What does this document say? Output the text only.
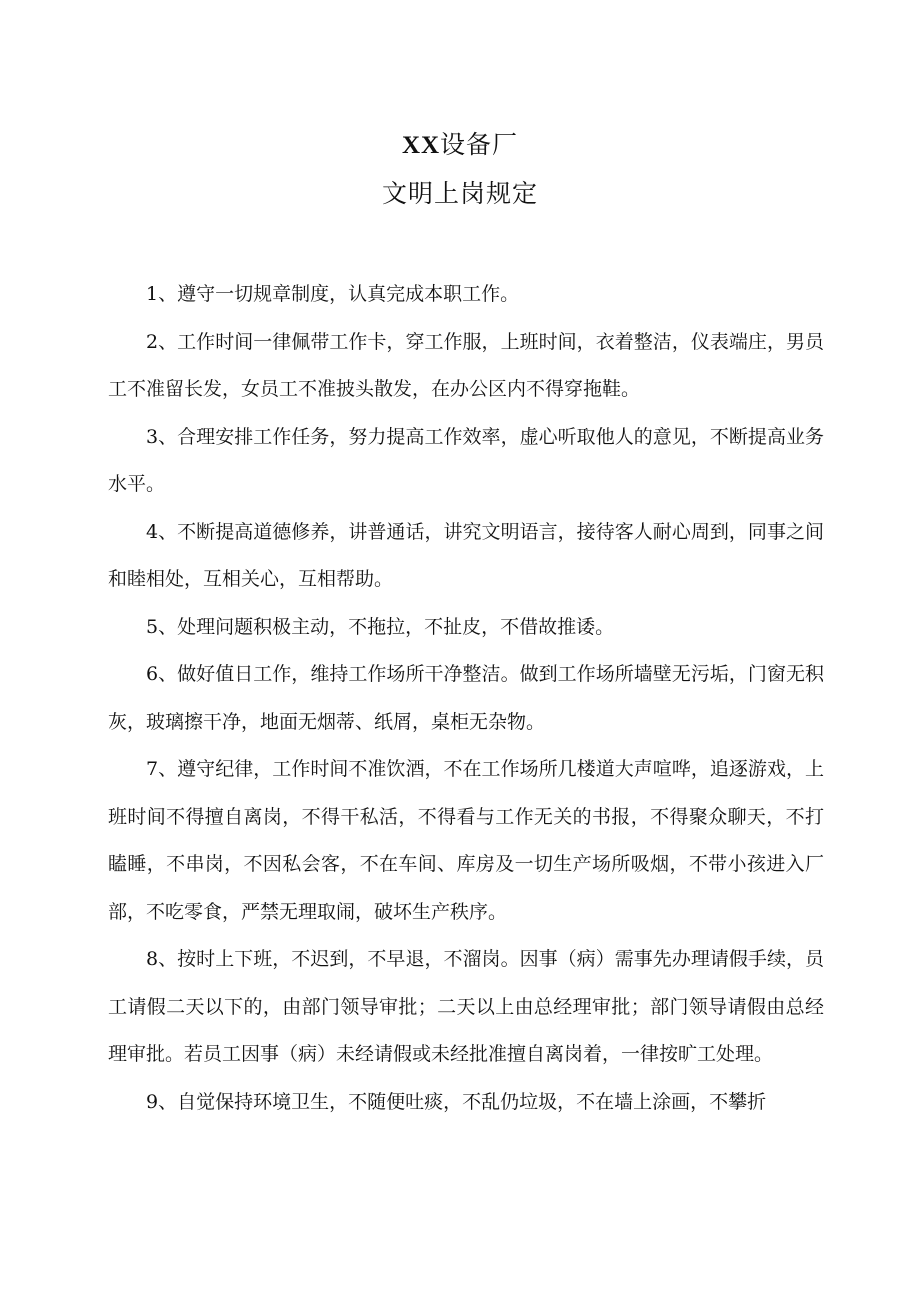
XX设备厂
文明上岗规定

1、遵守一切规章制度，认真完成本职工作。

2、工作时间一律佩带工作卡，穿工作服，上班时间，衣着整洁，仪表端庄，男员工不准留长发，女员工不准披头散发，在办公区内不得穿拖鞋。

3、合理安排工作任务，努力提高工作效率，虚心听取他人的意见，不断提高业务水平。

4、不断提高道德修养，讲普通话，讲究文明语言，接待客人耐心周到，同事之间和睦相处，互相关心，互相帮助。

5、处理问题积极主动，不拖拉，不扯皮，不借故推诿。

6、做好值日工作，维持工作场所干净整洁。做到工作场所墙壁无污垢，门窗无积灰，玻璃擦干净，地面无烟蒂、纸屑，桌柜无杂物。

7、遵守纪律，工作时间不准饮酒，不在工作场所几楼道大声喧哗，追逐游戏，上班时间不得擅自离岗，不得干私活，不得看与工作无关的书报，不得聚众聊天，不打瞌睡，不串岗，不因私会客，不在车间、库房及一切生产场所吸烟，不带小孩进入厂部，不吃零食，严禁无理取闹，破坏生产秩序。

8、按时上下班，不迟到，不早退，不溜岗。因事（病）需事先办理请假手续，员工请假二天以下的，由部门领导审批；二天以上由总经理审批；部门领导请假由总经理审批。若员工因事（病）未经请假或未经批准擅自离岗着，一律按旷工处理。

9、自觉保持环境卫生，不随便吐痰，不乱仍垃圾，不在墙上涂画，不攀折
